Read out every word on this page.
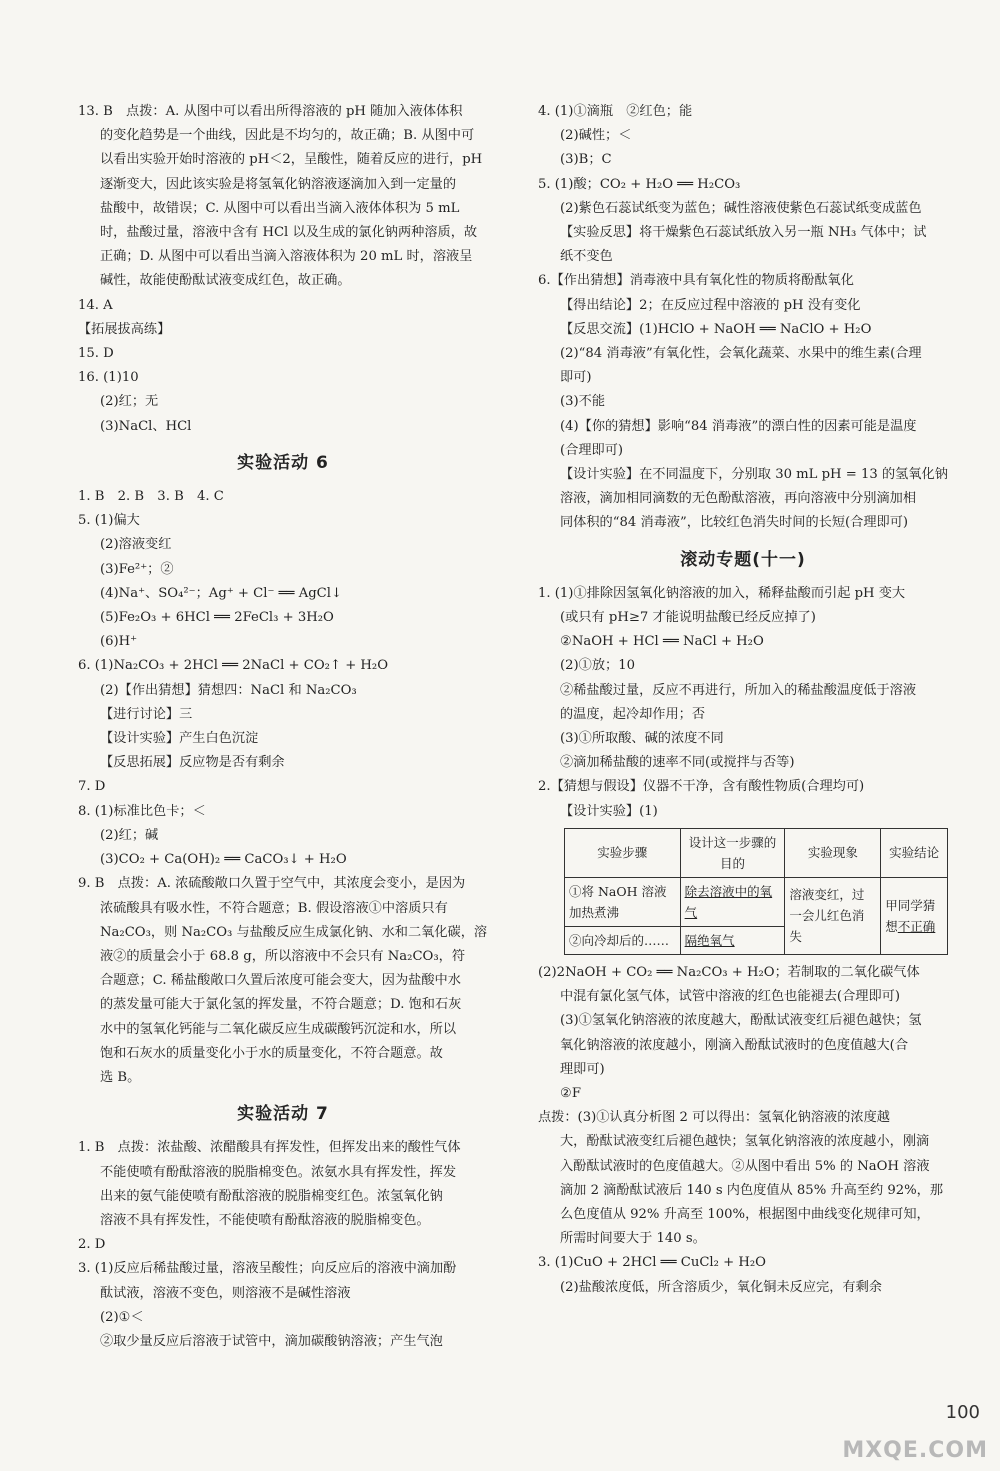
13. B　点拨：A. 从图中可以看出所得溶液的 pH 随加入液体体积
的变化趋势是一个曲线，因此是不均匀的，故正确；B. 从图中可
以看出实验开始时溶液的 pH＜2，呈酸性，随着反应的进行，pH
逐渐变大，因此该实验是将氢氧化钠溶液逐滴加入到一定量的
盐酸中，故错误；C. 从图中可以看出当滴入液体体积为 5 mL
时，盐酸过量，溶液中含有 HCl 以及生成的氯化钠两种溶质，故
正确；D. 从图中可以看出当滴入溶液体积为 20 mL 时，溶液呈
碱性，故能使酚酞试液变成红色，故正确。
14. A
【拓展拔高练】
15. D
16. (1)10
(2)红；无
(3)NaCl、HCl
实验活动 6
1. B　2. B　3. B　4. C
5. (1)偏大
(2)溶液变红
(3)Fe²⁺；②
(4)Na⁺、SO₄²⁻；Ag⁺ + Cl⁻ ══ AgCl↓
(5)Fe₂O₃ + 6HCl ══ 2FeCl₃ + 3H₂O
(6)H⁺
6. (1)Na₂CO₃ + 2HCl ══ 2NaCl + CO₂↑ + H₂O
(2)【作出猜想】猜想四：NaCl 和 Na₂CO₃
【进行讨论】三
【设计实验】产生白色沉淀
【反思拓展】反应物是否有剩余
7. D
8. (1)标准比色卡；＜
(2)红；碱
(3)CO₂ + Ca(OH)₂ ══ CaCO₃↓ + H₂O
9. B　点拨：A. 浓硫酸敞口久置于空气中，其浓度会变小，是因为
浓硫酸具有吸水性，不符合题意；B. 假设溶液①中溶质只有
Na₂CO₃，则 Na₂CO₃ 与盐酸反应生成氯化钠、水和二氧化碳，溶
液②的质量会小于 68.8 g，所以溶液中不会只有 Na₂CO₃，符
合题意；C. 稀盐酸敞口久置后浓度可能会变大，因为盐酸中水
的蒸发量可能大于氯化氢的挥发量，不符合题意；D. 饱和石灰
水中的氢氧化钙能与二氧化碳反应生成碳酸钙沉淀和水，所以
饱和石灰水的质量变化小于水的质量变化，不符合题意。故
选 B。
实验活动 7
1. B　点拨：浓盐酸、浓醋酸具有挥发性，但挥发出来的酸性气体
不能使喷有酚酞溶液的脱脂棉变色。浓氨水具有挥发性，挥发
出来的氨气能使喷有酚酞溶液的脱脂棉变红色。浓氢氧化钠
溶液不具有挥发性，不能使喷有酚酞溶液的脱脂棉变色。
2. D
3. (1)反应后稀盐酸过量，溶液呈酸性；向反应后的溶液中滴加酚
酞试液，溶液不变色，则溶液不是碱性溶液
(2)①＜
②取少量反应后溶液于试管中，滴加碳酸钠溶液；产生气泡
4. (1)①滴瓶　②红色；能
(2)碱性；＜
(3)B；C
5. (1)酸；CO₂ + H₂O ══ H₂CO₃
(2)紫色石蕊试纸变为蓝色；碱性溶液使紫色石蕊试纸变成蓝色
【实验反思】将干燥紫色石蕊试纸放入另一瓶 NH₃ 气体中；试
纸不变色
6.【作出猜想】消毒液中具有氧化性的物质将酚酞氧化
【得出结论】2；在反应过程中溶液的 pH 没有变化
【反思交流】(1)HClO + NaOH ══ NaClO + H₂O
(2)“84 消毒液”有氧化性，会氧化蔬菜、水果中的维生素(合理
即可)
(3)不能
(4)【你的猜想】影响“84 消毒液”的漂白性的因素可能是温度
(合理即可)
【设计实验】在不同温度下，分别取 30 mL pH = 13 的氢氧化钠
溶液，滴加相同滴数的无色酚酞溶液，再向溶液中分别滴加相
同体积的“84 消毒液”，比较红色消失时间的长短(合理即可)
滚动专题(十一)
1. (1)①排除因氢氧化钠溶液的加入，稀释盐酸而引起 pH 变大
(或只有 pH≥7 才能说明盐酸已经反应掉了)
②NaOH + HCl ══ NaCl + H₂O
(2)①放；10
②稀盐酸过量，反应不再进行，所加入的稀盐酸温度低于溶液
的温度，起冷却作用；否
(3)①所取酸、碱的浓度不同
②滴加稀盐酸的速率不同(或搅拌与否等)
2.【猜想与假设】仪器不干净，含有酸性物质(合理均可)
【设计实验】(1)
实验步骤	设计这一步骤的目的	实验现象	实验结论
①将 NaOH 溶液加热煮沸	除去溶液中的氧气	溶液变红，过一会儿红色消失	甲同学猜想不正确
②向冷却后的……	隔绝氧气		
(2)2NaOH + CO₂ ══ Na₂CO₃ + H₂O；若制取的二氧化碳气体
中混有氯化氢气体，试管中溶液的红色也能褪去(合理即可)
(3)①氢氧化钠溶液的浓度越大，酚酞试液变红后褪色越快；氢
氧化钠溶液的浓度越小，刚滴入酚酞试液时的色度值越大(合
理即可)
②F
点拨：(3)①认真分析图 2 可以得出：氢氧化钠溶液的浓度越
大，酚酞试液变红后褪色越快；氢氧化钠溶液的浓度越小，刚滴
入酚酞试液时的色度值越大。②从图中看出 5% 的 NaOH 溶液
滴加 2 滴酚酞试液后 140 s 内色度值从 85% 升高至约 92%，那
么色度值从 92% 升高至 100%，根据图中曲线变化规律可知，
所需时间要大于 140 s。
3. (1)CuO + 2HCl ══ CuCl₂ + H₂O
(2)盐酸浓度低，所含溶质少，氧化铜未反应完，有剩余
100
MXQE.COM
